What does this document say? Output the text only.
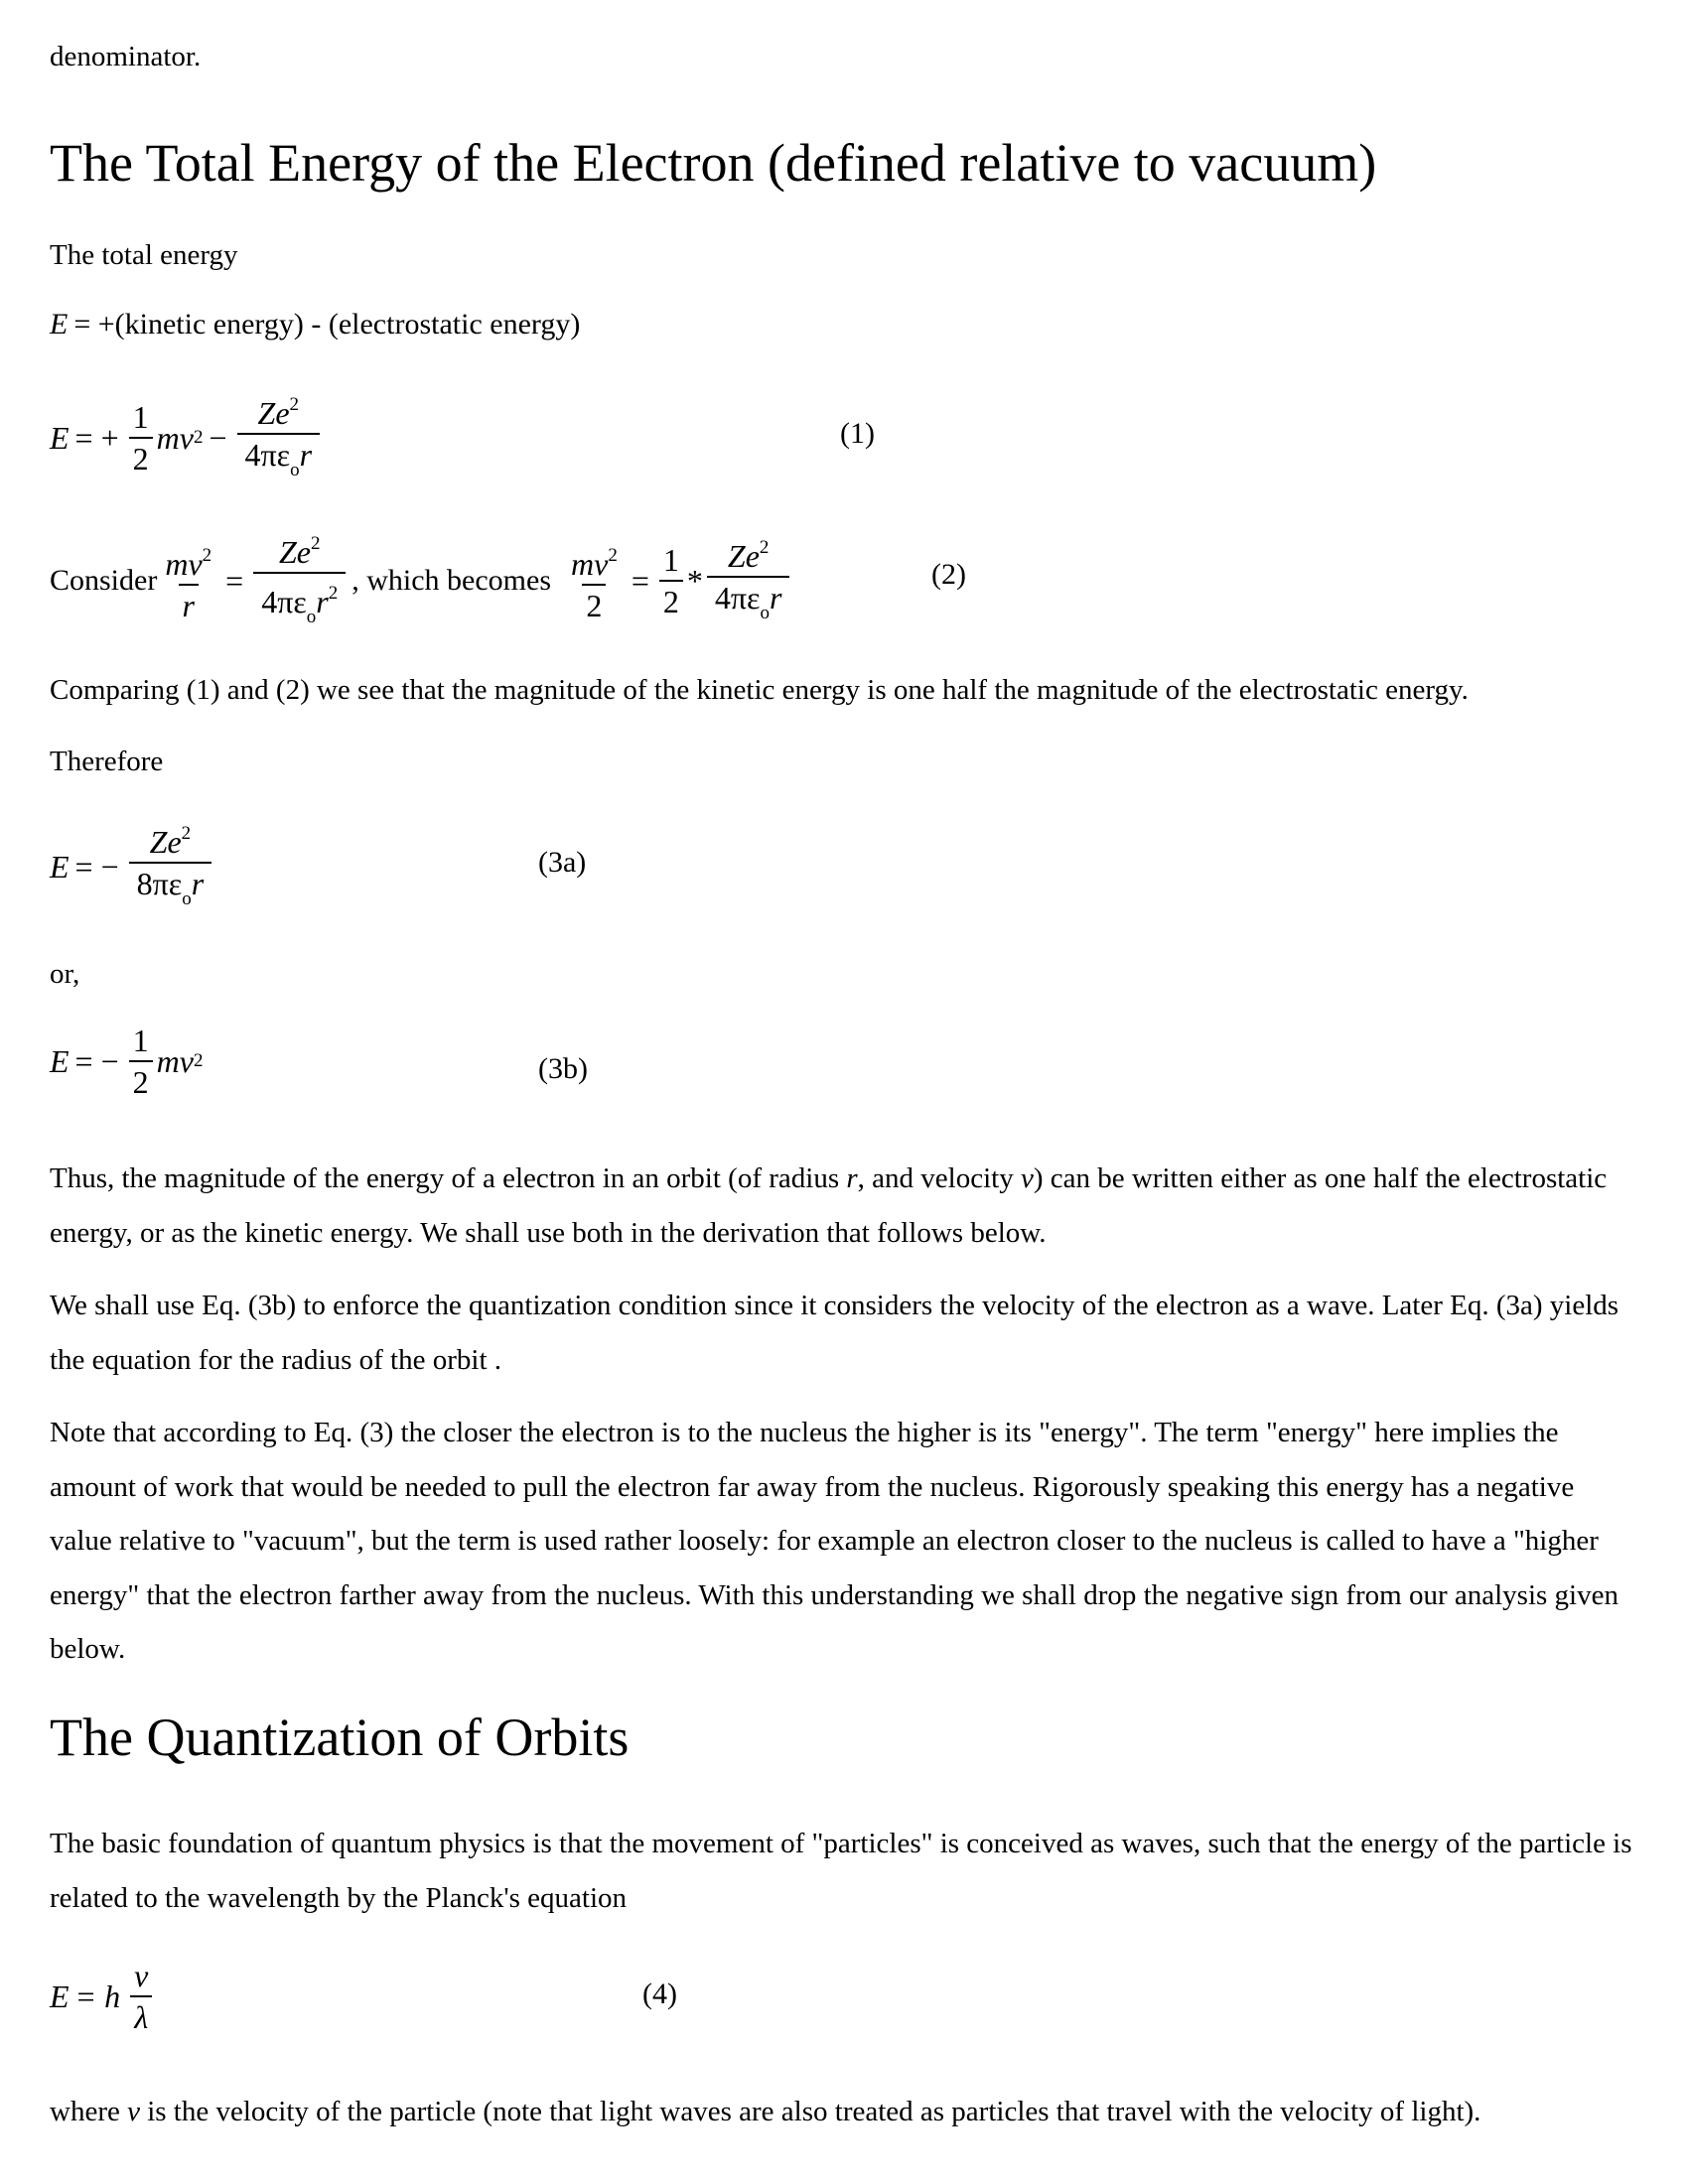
denominator.
The Total Energy of the Electron (defined relative to vacuum)
The total energy
E = +(kinetic energy) - (electrostatic energy)
E = + $\frac{1}{2}$ mv $2 - \frac{Ze^2}{4\pi\varepsilon_or}$	(1)
Consider $\frac{mv^2}{r} = \frac{Ze^2}{4\pi\varepsilon_or^2}$ , which becomes $\frac{mv^2}{2} = \frac{1}{2} * \frac{Ze^2}{4\pi\varepsilon_or}$	(2)
Comparing (1) and (2) we see that the magnitude of the kinetic energy is one half the magnitude of the electrostatic energy.
Therefore
E = − $\frac{Ze^2}{8\pi\varepsilon_or}$	(3a)
or,
E = − $\frac{1}{2}$ mv 2	(3b)

Thus, the magnitude of the energy of a electron in an orbit (of radius r, and velocity v) can be written either as one half the electrostatic energy, or as the kinetic energy. We shall use both in the derivation that follows below.

We shall use Eq. (3b) to enforce the quantization condition since it considers the velocity of the electron as a wave. Later Eq. (3a) yields the equation for the radius of the orbit .

Note that according to Eq. (3) the closer the electron is to the nucleus the higher is its "energy". The term "energy" here implies the amount of work that would be needed to pull the electron far away from the nucleus. Rigorously speaking this energy has a negative value relative to "vacuum", but the term is used rather loosely: for example an electron closer to the nucleus is called to have a "higher energy" that the electron farther away from the nucleus. With this understanding we shall drop the negative sign from our analysis given below.

The Quantization of Orbits

The basic foundation of quantum physics is that the movement of "particles" is conceived as waves, such that the energy of the particle is related to the wavelength by the Planck's equation

E = h $\frac{v}{\lambda}$	(4)

where v is the velocity of the particle (note that light waves are also treated as particles that travel with the velocity of light).
